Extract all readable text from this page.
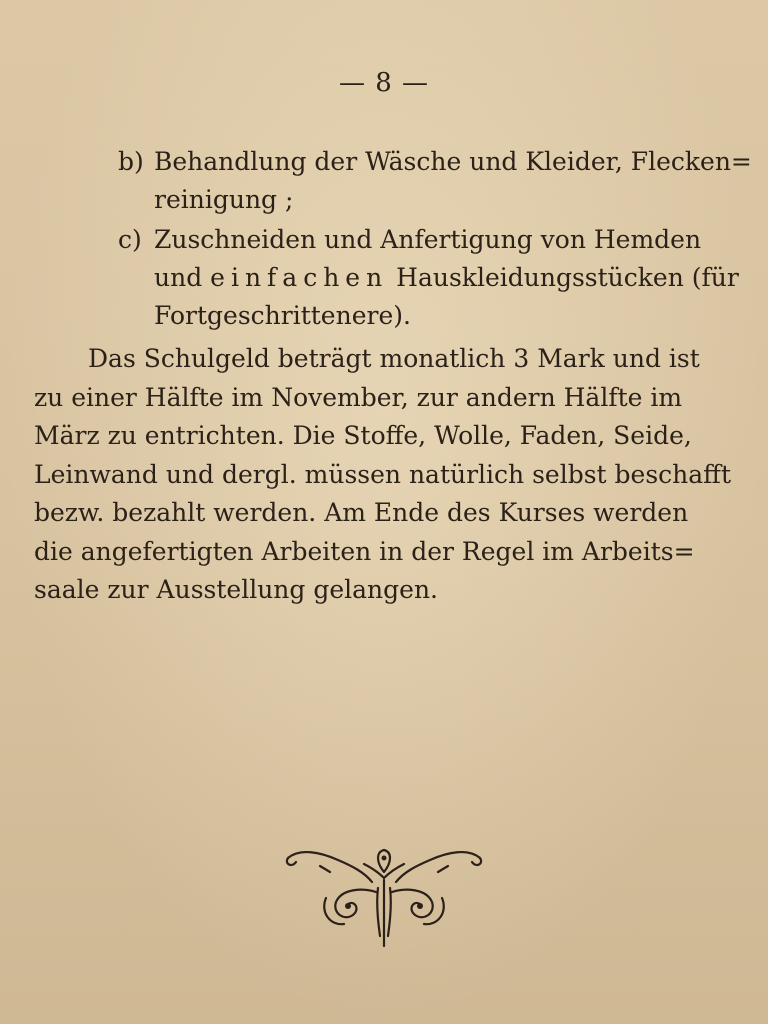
— 8 —
b) Behandlung der Wäsche und Kleider, Flecken=
reinigung ;
c) Zuschneiden und Anfertigung von Hemden
und einfachen Hauskleidungsstücken (für
Fortgeschrittenere).
Das Schulgeld beträgt monatlich 3 Mark und ist
zu einer Hälfte im November, zur andern Hälfte im
März zu entrichten. Die Stoffe, Wolle, Faden, Seide,
Leinwand und dergl. müssen natürlich selbst beschafft
bezw. bezahlt werden. Am Ende des Kurses werden
die angefertigten Arbeiten in der Regel im Arbeits=
saale zur Ausstellung gelangen.
